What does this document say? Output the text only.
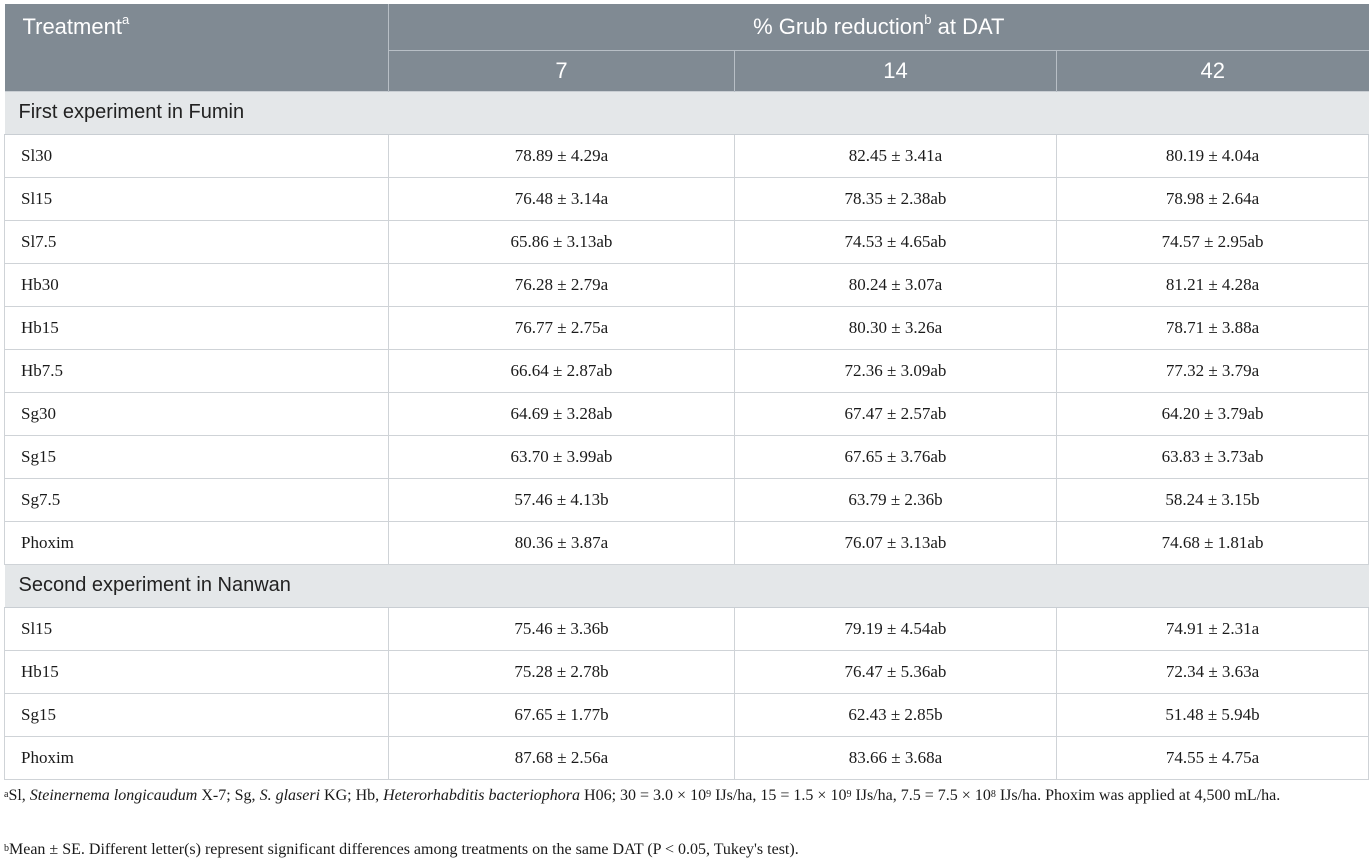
Treatment$^a$	% Grub reduction$^b$ at DAT		
	7	14	42
First experiment in Fumin			
Sl30	78.89 ± 4.29a	82.45 ± 3.41a	80.19 ± 4.04a
Sl15	76.48 ± 3.14a	78.35 ± 2.38ab	78.98 ± 2.64a
Sl7.5	65.86 ± 3.13ab	74.53 ± 4.65ab	74.57 ± 2.95ab
Hb30	76.28 ± 2.79a	80.24 ± 3.07a	81.21 ± 4.28a
Hb15	76.77 ± 2.75a	80.30 ± 3.26a	78.71 ± 3.88a
Hb7.5	66.64 ± 2.87ab	72.36 ± 3.09ab	77.32 ± 3.79a
Sg30	64.69 ± 3.28ab	67.47 ± 2.57ab	64.20 ± 3.79ab
Sg15	63.70 ± 3.99ab	67.65 ± 3.76ab	63.83 ± 3.73ab
Sg7.5	57.46 ± 4.13b	63.79 ± 2.36b	58.24 ± 3.15b
Phoxim	80.36 ± 3.87a	76.07 ± 3.13ab	74.68 ± 1.81ab
Second experiment in Nanwan			
Sl15	75.46 ± 3.36b	79.19 ± 4.54ab	74.91 ± 2.31a
Hb15	75.28 ± 2.78b	76.47 ± 5.36ab	72.34 ± 3.63a
Sg15	67.65 ± 1.77b	62.43 ± 2.85b	51.48 ± 5.94b
Phoxim	87.68 ± 2.56a	83.66 ± 3.68a	74.55 ± 4.75a
$^a$Sl, Steinernema longicaudum X-7; Sg, S. glaseri KG; Hb, Heterorhabditis bacteriophora H06; $30 = 3.0 \times 10^9$ IJs/ha, $15 = 1.5 \times 10^9$ IJs/ha, $7.5 = 7.5 \times 10^8$ IJs/ha. Phoxim was applied at 4,500 mL/ha.
$^b$Mean ± SE. Different letter(s) represent significant differences among treatments on the same DAT (P < 0.05, Tukey's test).
